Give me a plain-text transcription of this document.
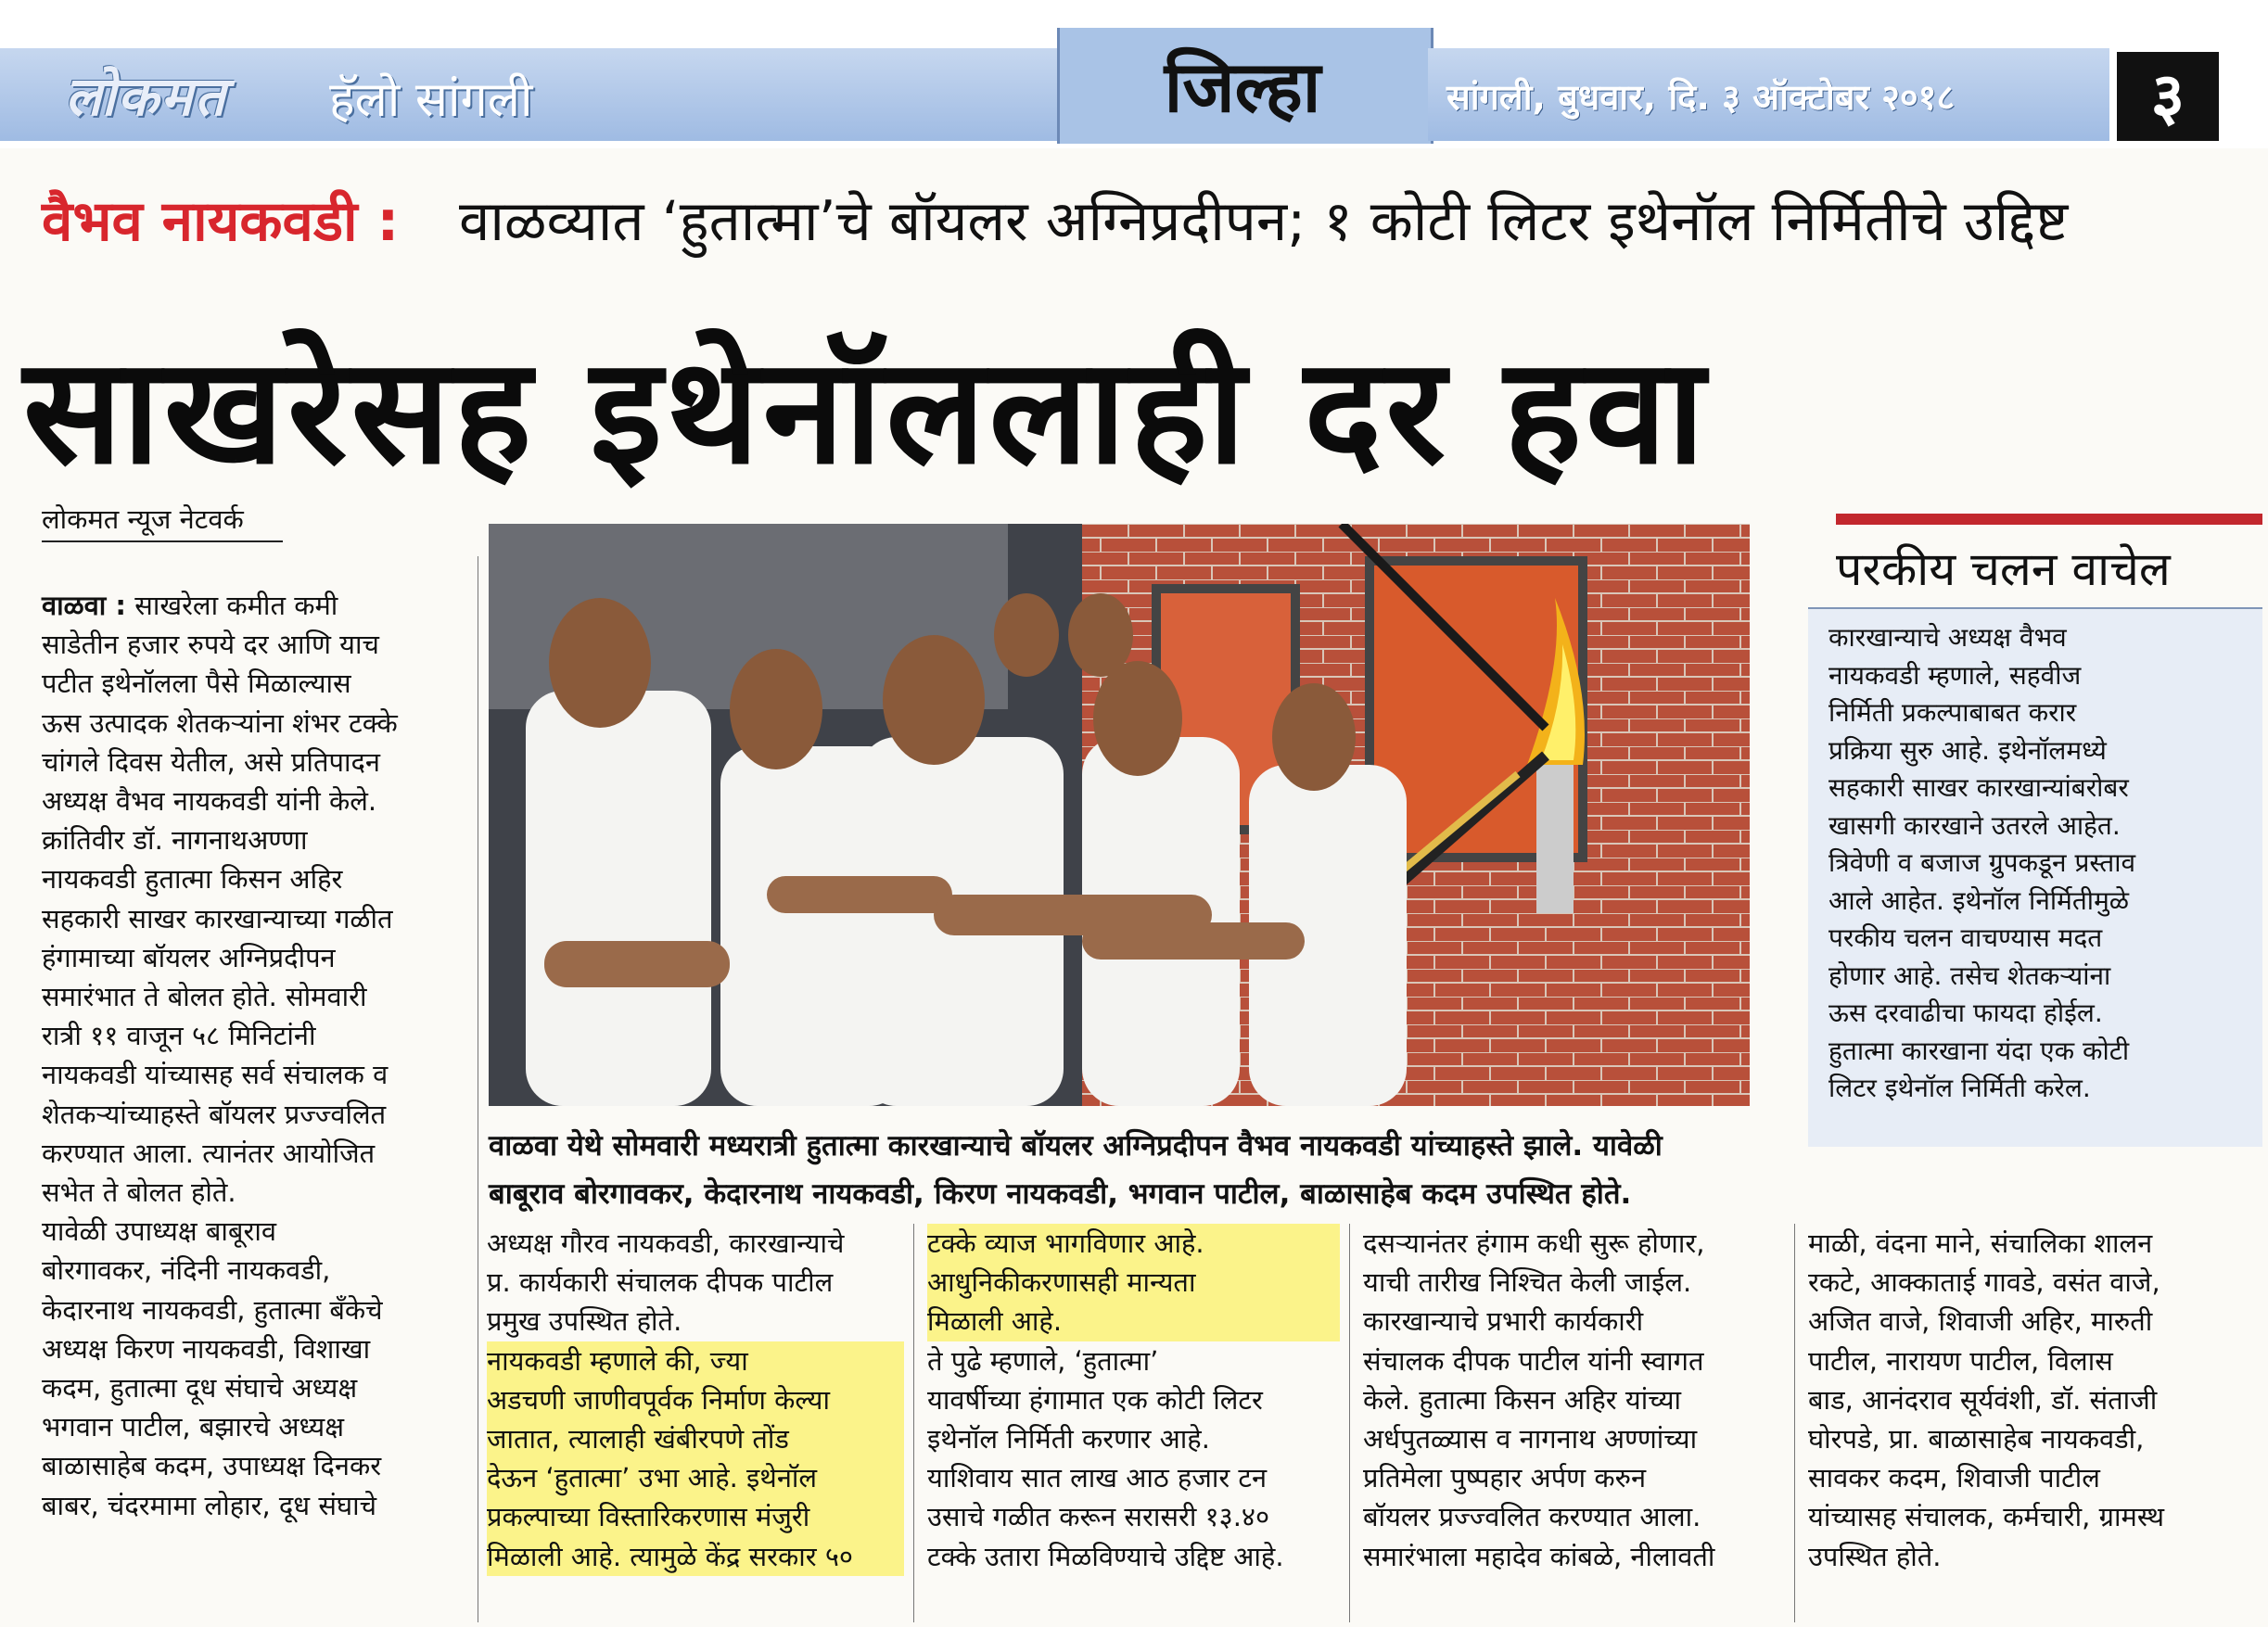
लोकमत हॅलो सांगली	जिल्हा	सांगली, बुधवार, दि. ३ ऑक्टोबर २०१८	३
वैभव नायकवडी : वाळव्यात ‘हुतात्मा’चे बॉयलर अग्निप्रदीपन; १ कोटी लिटर इथेनॉल निर्मितीचे उद्दिष्ट
साखरेसह इथेनॉललाही दर हवा
लोकमत न्यूज नेटवर्क
वाळवा येथे सोमवारी मध्यरात्री हुतात्मा कारखान्याचे बॉयलर अग्निप्रदीपन वैभव नायकवडी यांच्याहस्ते झाले. यावेळी
बाबूराव बोरगावकर, केदारनाथ नायकवडी, किरण नायकवडी, भगवान पाटील, बाळासाहेब कदम उपस्थित होते.
परकीय चलन वाचेल
कारखान्याचे अध्यक्ष वैभव
नायकवडी म्हणाले, सहवीज
निर्मिती प्रकल्पाबाबत करार
प्रक्रिया सुरु आहे. इथेनॉलमध्ये
सहकारी साखर कारखान्यांबरोबर
खासगी कारखाने उतरले आहेत.
त्रिवेणी व बजाज ग्रुपकडून प्रस्ताव
आले आहेत. इथेनॉल निर्मितीमुळे
परकीय चलन वाचण्यास मदत
होणार आहे. तसेच शेतकऱ्यांना
ऊस दरवाढीचा फायदा होईल.
हुतात्मा कारखाना यंदा एक कोटी
लिटर इथेनॉल निर्मिती करेल.
वाळवा : साखरेला कमीत कमी
साडेतीन हजार रुपये दर आणि याच
पटीत इथेनॉलला पैसे मिळाल्यास
ऊस उत्पादक शेतकऱ्यांना शंभर टक्के
चांगले दिवस येतील, असे प्रतिपादन
अध्यक्ष वैभव नायकवडी यांनी केले.
क्रांतिवीर डॉ. नागनाथअण्णा
नायकवडी हुतात्मा किसन अहिर
सहकारी साखर कारखान्याच्या गळीत
हंगामाच्या बॉयलर अग्निप्रदीपन
समारंभात ते बोलत होते. सोमवारी
रात्री ११ वाजून ५८ मिनिटांनी
नायकवडी यांच्यासह सर्व संचालक व
शेतकऱ्यांच्याहस्ते बॉयलर प्रज्ज्वलित
करण्यात आला. त्यानंतर आयोजित
सभेत ते बोलत होते.
यावेळी उपाध्यक्ष बाबूराव
बोरगावकर, नंदिनी नायकवडी,
केदारनाथ नायकवडी, हुतात्मा बँकेचे
अध्यक्ष किरण नायकवडी, विशाखा
कदम, हुतात्मा दूध संघाचे अध्यक्ष
भगवान पाटील, बझारचे अध्यक्ष
बाळासाहेब कदम, उपाध्यक्ष दिनकर
बाबर, चंदरमामा लोहार, दूध संघाचे
अध्यक्ष गौरव नायकवडी, कारखान्याचे
प्र. कार्यकारी संचालक दीपक पाटील
प्रमुख उपस्थित होते.
नायकवडी म्हणाले की, ज्या
अडचणी जाणीवपूर्वक निर्माण केल्या
जातात, त्यालाही खंबीरपणे तोंड
देऊन ‘हुतात्मा’ उभा आहे. इथेनॉल
प्रकल्पाच्या विस्तारिकरणास मंजुरी
मिळाली आहे. त्यामुळे केंद्र सरकार ५०
टक्के व्याज भागविणार आहे.
आधुनिकीकरणासही मान्यता
मिळाली आहे.
ते पुढे म्हणाले, ‘हुतात्मा’
यावर्षीच्या हंगामात एक कोटी लिटर
इथेनॉल निर्मिती करणार आहे.
याशिवाय सात लाख आठ हजार टन
उसाचे गळीत करून सरासरी १३.४०
टक्के उतारा मिळविण्याचे उद्दिष्ट आहे.
दसऱ्यानंतर हंगाम कधी सुरू होणार,
याची तारीख निश्चित केली जाईल.
कारखान्याचे प्रभारी कार्यकारी
संचालक दीपक पाटील यांनी स्वागत
केले. हुतात्मा किसन अहिर यांच्या
अर्धपुतळ्यास व नागनाथ अण्णांच्या
प्रतिमेला पुष्पहार अर्पण करुन
बॉयलर प्रज्ज्वलित करण्यात आला.
समारंभाला महादेव कांबळे, नीलावती
माळी, वंदना माने, संचालिका शालन
रकटे, आक्काताई गावडे, वसंत वाजे,
अजित वाजे, शिवाजी अहिर, मारुती
पाटील, नारायण पाटील, विलास
बाड, आनंदराव सूर्यवंशी, डॉ. संताजी
घोरपडे, प्रा. बाळासाहेब नायकवडी,
सावकर कदम, शिवाजी पाटील
यांच्यासह संचालक, कर्मचारी, ग्रामस्थ
उपस्थित होते.
